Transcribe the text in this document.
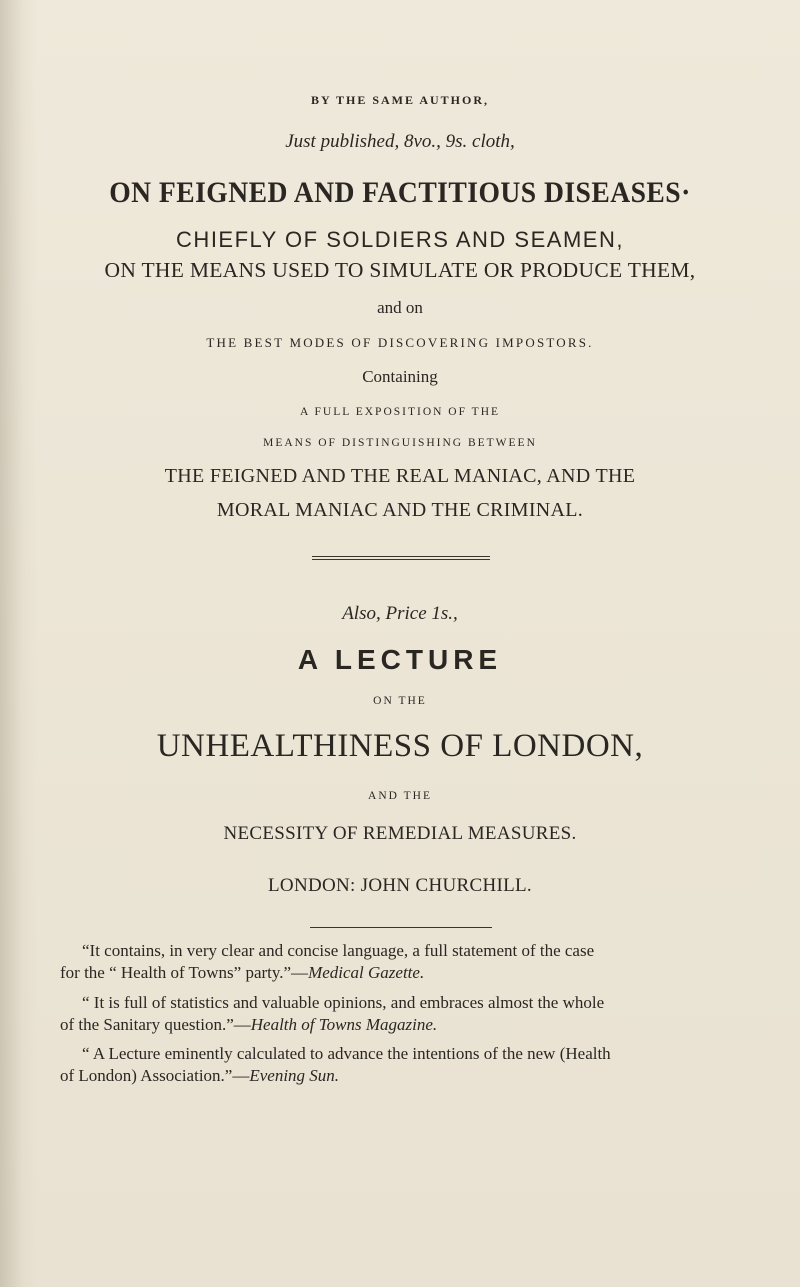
BY THE SAME AUTHOR,
Just published, 8vo., 9s. cloth,
ON FEIGNED AND FACTITIOUS DISEASES·
CHIEFLY OF SOLDIERS AND SEAMEN,
ON THE MEANS USED TO SIMULATE OR PRODUCE THEM,
and on
THE BEST MODES OF DISCOVERING IMPOSTORS.
Containing
A FULL EXPOSITION OF THE
MEANS OF DISTINGUISHING BETWEEN
THE FEIGNED AND THE REAL MANIAC, AND THE
MORAL MANIAC AND THE CRIMINAL.
Also, Price 1s.,
A LECTURE
ON THE
UNHEALTHINESS OF LONDON,
AND THE
NECESSITY OF REMEDIAL MEASURES.
LONDON: JOHN CHURCHILL.
“It contains, in very clear and concise language, a full statement of the case
for the “ Health of Towns” party.”—Medical Gazette.
“ It is full of statistics and valuable opinions, and embraces almost the whole
of the Sanitary question.”—Health of Towns Magazine.
“ A Lecture eminently calculated to advance the intentions of the new (Health
of London) Association.”—Evening Sun.
